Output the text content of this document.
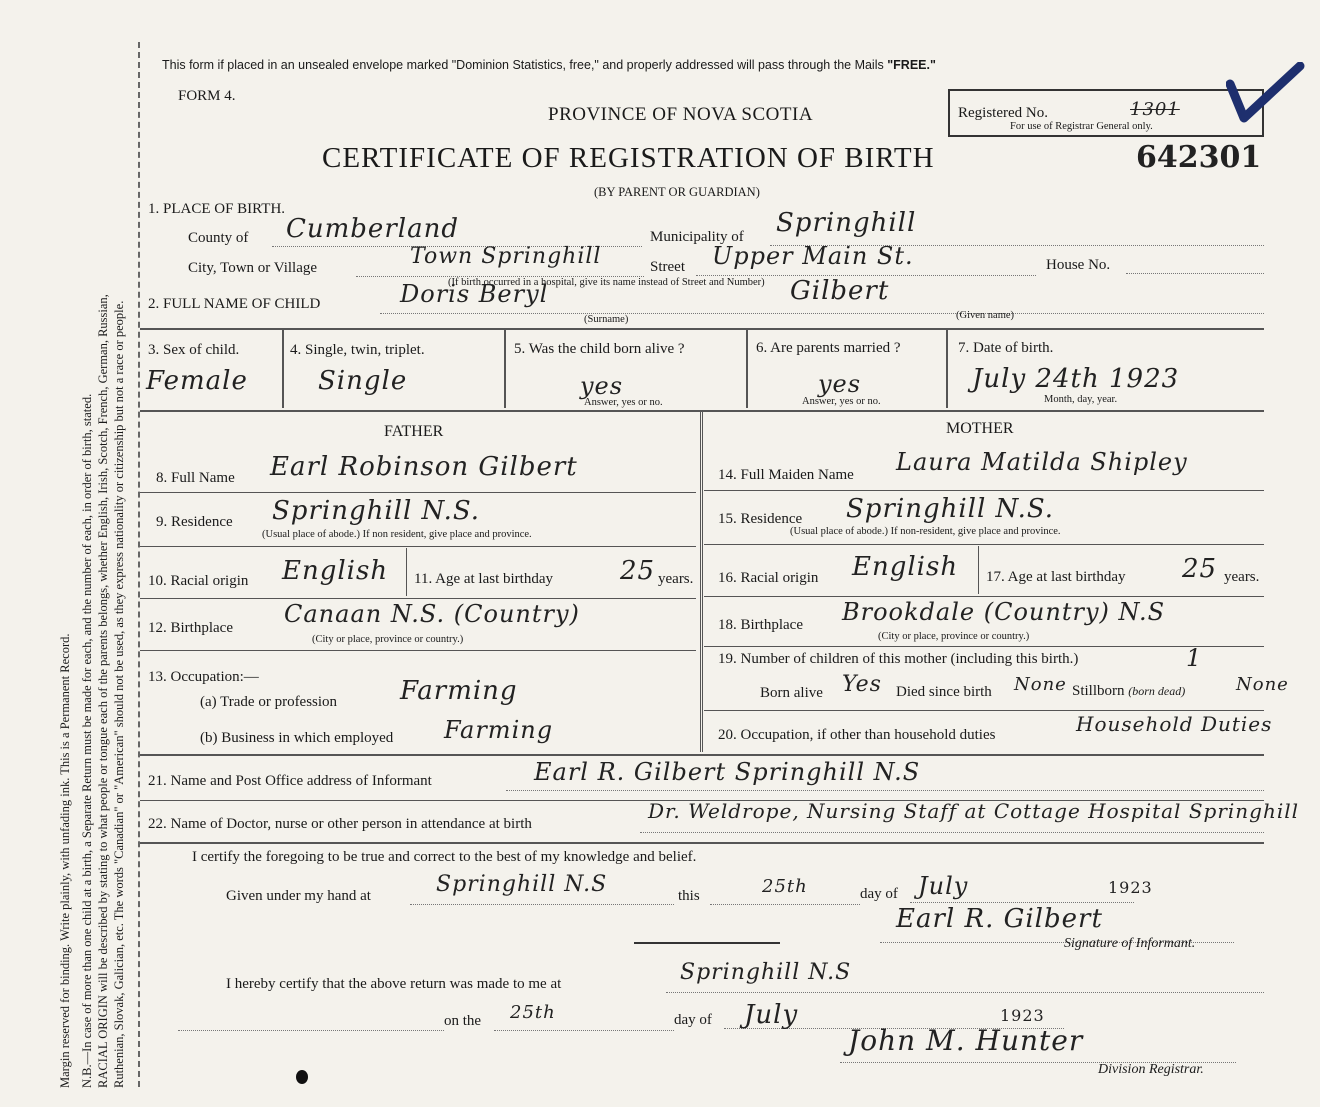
Margin reserved for binding. Write plainly, with unfading ink. This is a Permanent Record. N.B.—In case of more than one child at a birth, a Separate Return must be made for each, and the number of each, in order of birth, stated. RACIAL ORIGIN will be described by stating to what people or tongue each of the parents belongs, whether English, Irish, Scotch, French, German, Russian, Ruthenian, Slovak, Galician, etc. The words "Canadian" or "American" should not be used, as they express nationality or citizenship but not a race or people.
This form if placed in an unsealed envelope marked "Dominion Statistics, free," and properly addressed will pass through the Mails "FREE."
FORM 4.
PROVINCE OF NOVA SCOTIA
CERTIFICATE OF REGISTRATION OF BIRTH
(BY PARENT OR GUARDIAN)
Registered No.	1301
For use of Registrar General only.
642301
1. PLACE OF BIRTH.
County of Cumberland	Municipality of Springhill
City, Town or Village	Town Springhill	Street Upper Main St.	House No.
(If birth occurred in a hospital, give its name instead of Street and Number)
2. FULL NAME OF CHILD	Doris Beryl	Gilbert
(Surname)	(Given name)
3. Sex of child.
Female
4. Single, twin, triplet.
Single
5. Was the child born alive ?
yes
Answer, yes or no.
6. Are parents married ?
yes
Answer, yes or no.
7. Date of birth.
July 24th 1923
Month, day, year.
FATHER	MOTHER
8. Full Name Earl Robinson Gilbert
9. Residence Springhill N.S.
(Usual place of abode.) If non resident, give place and province.
10. Racial origin English 11. Age at last birthday	25 years.
12. Birthplace Canaan N.S. (Country)
(City or place, province or country.)
13. Occupation:—
(a) Trade or profession Farming
(b) Business in which employed Farming
14. Full Maiden Name Laura Matilda Shipley
15. Residence Springhill N.S.
(Usual place of abode.) If non-resident, give place and province.
16. Racial origin English 17. Age at last birthday 25 years.
18. Birthplace Brookdale (Country) N.S
(City or place, province or country.)
19. Number of children of this mother (including this birth.)	1
Born alive Yes Died since birth None Stillborn (born dead)	None
20. Occupation, if other than household duties	Household Duties
21. Name and Post Office address of Informant	Earl R. Gilbert Springhill N.S
22. Name of Doctor, nurse or other person in attendance at birth
Dr. Weldrope, Nursing Staff at Cottage Hospital Springhill
I certify the foregoing to be true and correct to the best of my knowledge and belief.
Given under my hand at	Springhill N.S	this	25th	day of July	1923
Earl R. Gilbert
Signature of Informant.
I hereby certify that the above return was made to me at	Springhill N.S
on the 25th	day of July	1923
John M. Hunter
Division Registrar.
